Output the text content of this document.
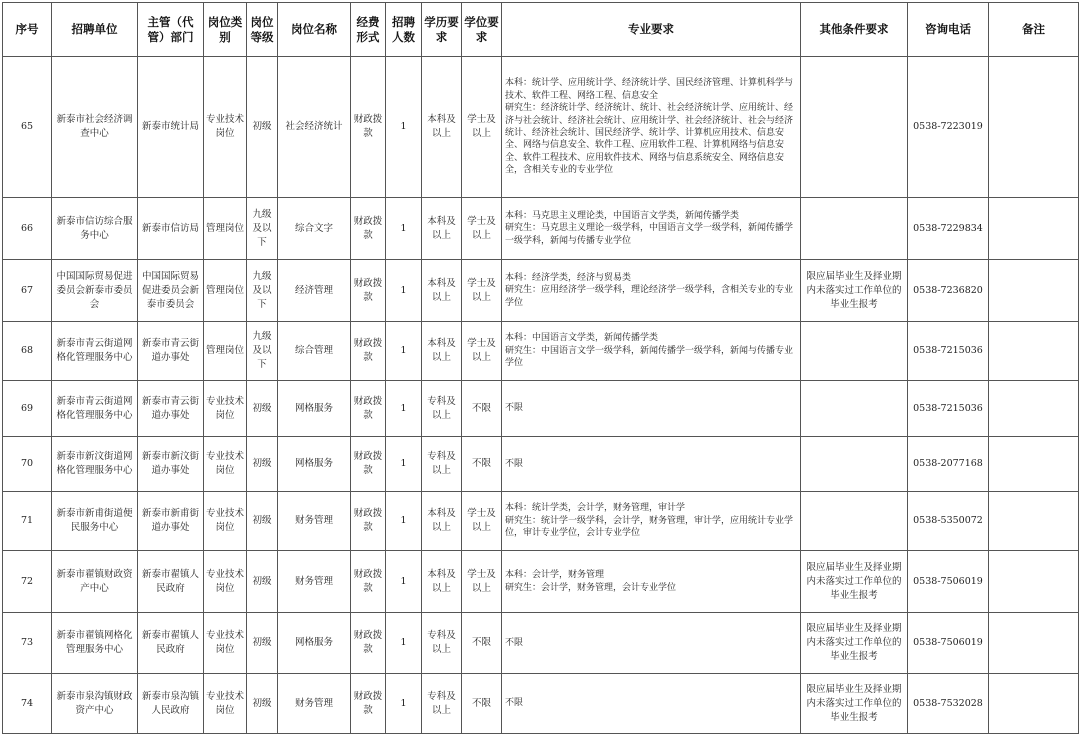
序号	招聘单位	主管（代管）部门	岗位类别	岗位等级	岗位名称	经费形式	招聘人数	学历要求	学位要求	专业要求	其他条件要求	咨询电话	备注
65	新泰市社会经济调查中心	新泰市统计局	专业技术岗位	初级	社会经济统计	财政拨款	1	本科及以上	学士及以上	本科：统计学、应用统计学、经济统计学、国民经济管理、计算机科学与技术、软件工程、网络工程、信息安全
研究生：经济统计学、经济统计、统计、社会经济统计学、应用统计、经济与社会统计、经济社会统计、应用统计学、社会经济统计、社会与经济统计、经济社会统计、国民经济学、统计学、计算机应用技术、信息安全、网络与信息安全、软件工程、应用软件工程、计算机网络与信息安全、软件工程技术、应用软件技术、网络与信息系统安全、网络信息安全，含相关专业的专业学位		0538-7223019	
66	新泰市信访综合服务中心	新泰市信访局	管理岗位	九级及以下	综合文字	财政拨款	1	本科及以上	学士及以上	本科：马克思主义理论类，中国语言文学类，新闻传播学类
研究生：马克思主义理论一级学科，中国语言文学一级学科，新闻传播学一级学科，新闻与传播专业学位		0538-7229834	
67	中国国际贸易促进委员会新泰市委员会	中国国际贸易促进委员会新泰市委员会	管理岗位	九级及以下	经济管理	财政拨款	1	本科及以上	学士及以上	本科：经济学类，经济与贸易类
研究生：应用经济学一级学科，理论经济学一级学科，含相关专业的专业学位	限应届毕业生及择业期内未落实过工作单位的毕业生报考	0538-7236820	
68	新泰市青云街道网格化管理服务中心	新泰市青云街道办事处	管理岗位	九级及以下	综合管理	财政拨款	1	本科及以上	学士及以上	本科：中国语言文学类，新闻传播学类
研究生：中国语言文学一级学科，新闻传播学一级学科，新闻与传播专业学位		0538-7215036	
69	新泰市青云街道网格化管理服务中心	新泰市青云街道办事处	专业技术岗位	初级	网格服务	财政拨款	1	专科及以上	不限	不限		0538-7215036	
70	新泰市新汶街道网格化管理服务中心	新泰市新汶街道办事处	专业技术岗位	初级	网格服务	财政拨款	1	专科及以上	不限	不限		0538-2077168	
71	新泰市新甫街道便民服务中心	新泰市新甫街道办事处	专业技术岗位	初级	财务管理	财政拨款	1	本科及以上	学士及以上	本科：统计学类，会计学，财务管理，审计学
研究生：统计学一级学科，会计学，财务管理，审计学，应用统计专业学位，审计专业学位，会计专业学位		0538-5350072	
72	新泰市翟镇财政资产中心	新泰市翟镇人民政府	专业技术岗位	初级	财务管理	财政拨款	1	本科及以上	学士及以上	本科：会计学，财务管理
研究生：会计学，财务管理，会计专业学位	限应届毕业生及择业期内未落实过工作单位的毕业生报考	0538-7506019	
73	新泰市翟镇网格化管理服务中心	新泰市翟镇人民政府	专业技术岗位	初级	网格服务	财政拨款	1	专科及以上	不限	不限	限应届毕业生及择业期内未落实过工作单位的毕业生报考	0538-7506019	
74	新泰市泉沟镇财政资产中心	新泰市泉沟镇人民政府	专业技术岗位	初级	财务管理	财政拨款	1	专科及以上	不限	不限	限应届毕业生及择业期内未落实过工作单位的毕业生报考	0538-7532028	
